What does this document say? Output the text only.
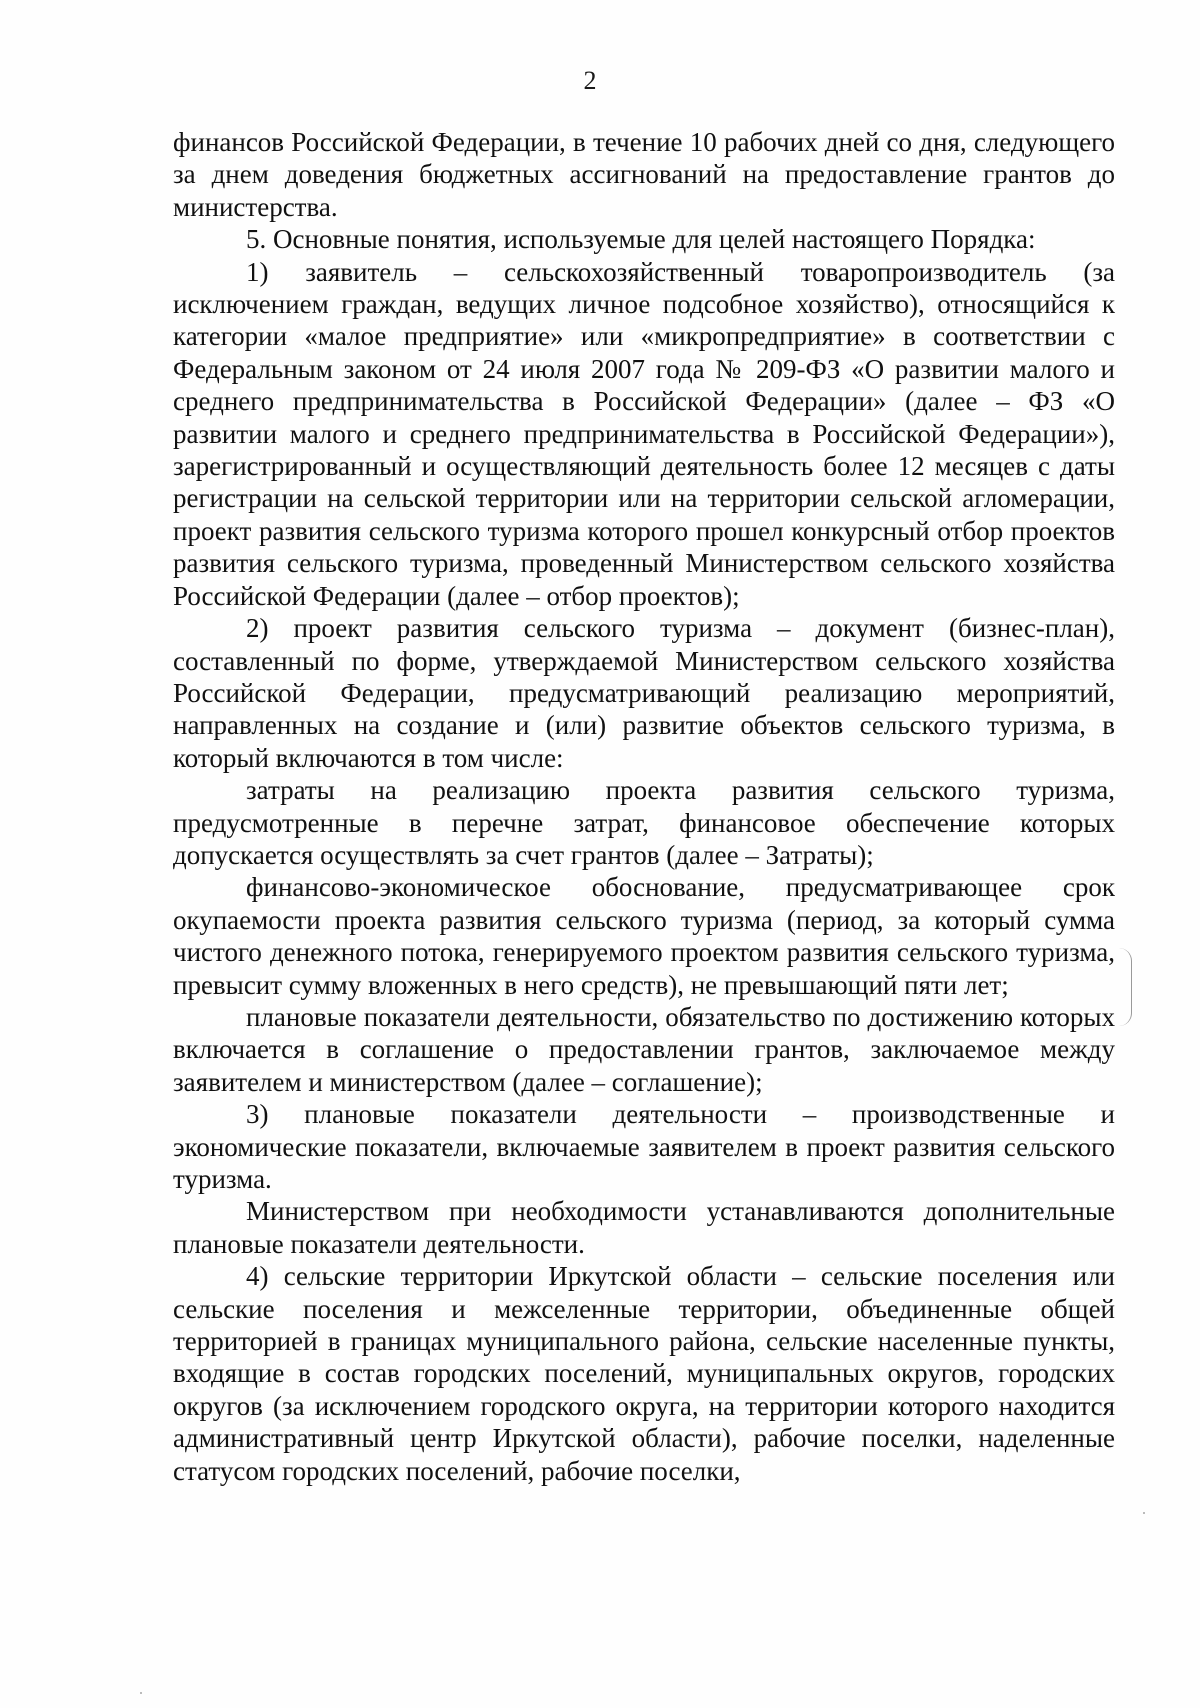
2

финансов Российской Федерации, в течение 10 рабочих дней со дня, следующего за днем доведения бюджетных ассигнований на предоставление грантов до министерства.

5. Основные понятия, используемые для целей настоящего Порядка:

1) заявитель – сельскохозяйственный товаропроизводитель (за исключением граждан, ведущих личное подсобное хозяйство), относящийся к категории «малое предприятие» или «микропредприятие» в соответствии с Федеральным законом от 24 июля 2007 года № 209-ФЗ «О развитии малого и среднего предпринимательства в Российской Федерации» (далее – ФЗ «О развитии малого и среднего предпринимательства в Российской Федерации»), зарегистрированный и осуществляющий деятельность более 12 месяцев с даты регистрации на сельской территории или на территории сельской агломерации, проект развития сельского туризма которого прошел конкурсный отбор проектов развития сельского туризма, проведенный Министерством сельского хозяйства Российской Федерации (далее – отбор проектов);

2) проект развития сельского туризма – документ (бизнес-план), составленный по форме, утверждаемой Министерством сельского хозяйства Российской Федерации, предусматривающий реализацию мероприятий, направленных на создание и (или) развитие объектов сельского туризма, в который включаются в том числе:

затраты на реализацию проекта развития сельского туризма, предусмотренные в перечне затрат, финансовое обеспечение которых допускается осуществлять за счет грантов (далее – Затраты);

финансово-экономическое обоснование, предусматривающее срок окупаемости проекта развития сельского туризма (период, за который сумма чистого денежного потока, генерируемого проектом развития сельского туризма, превысит сумму вложенных в него средств), не превышающий пяти лет;

плановые показатели деятельности, обязательство по достижению которых включается в соглашение о предоставлении грантов, заключаемое между заявителем и министерством (далее – соглашение);

3) плановые показатели деятельности – производственные и экономические показатели, включаемые заявителем в проект развития сельского туризма.

Министерством при необходимости устанавливаются дополнительные плановые показатели деятельности.

4) сельские территории Иркутской области – сельские поселения или сельские поселения и межселенные территории, объединенные общей территорией в границах муниципального района, сельские населенные пункты, входящие в состав городских поселений, муниципальных округов, городских округов (за исключением городского округа, на территории которого находится административный центр Иркутской области), рабочие поселки, наделенные статусом городских поселений, рабочие поселки,
